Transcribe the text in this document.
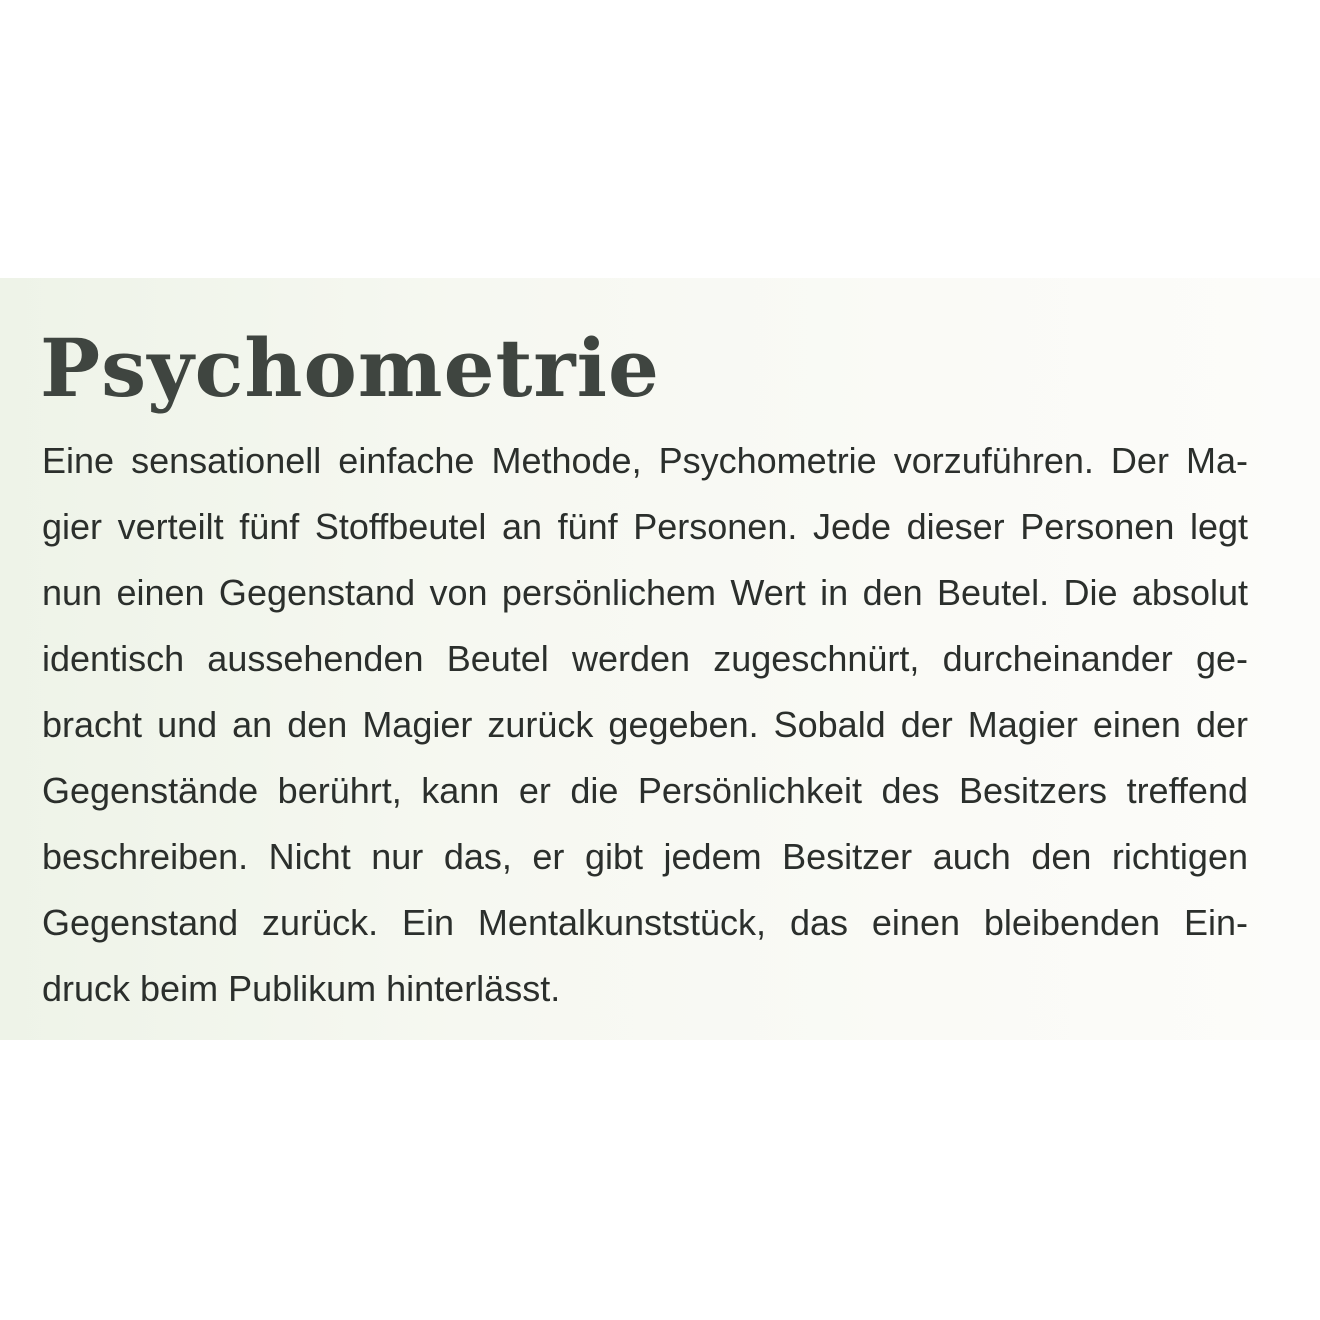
Psychometrie
Eine sensationell einfache Methode, Psychometrie vorzuführen. Der Ma-
gier verteilt fünf Stoffbeutel an fünf Personen. Jede dieser Personen legt
nun einen Gegenstand von persönlichem Wert in den Beutel. Die absolut
identisch aussehenden Beutel werden zugeschnürt, durcheinander ge-
bracht und an den Magier zurück gegeben. Sobald der Magier einen der
Gegenstände berührt, kann er die Persönlichkeit des Besitzers treffend
beschreiben. Nicht nur das, er gibt jedem Besitzer auch den richtigen
Gegenstand zurück. Ein Mentalkunststück, das einen bleibenden Ein-
druck beim Publikum hinterlässt.
